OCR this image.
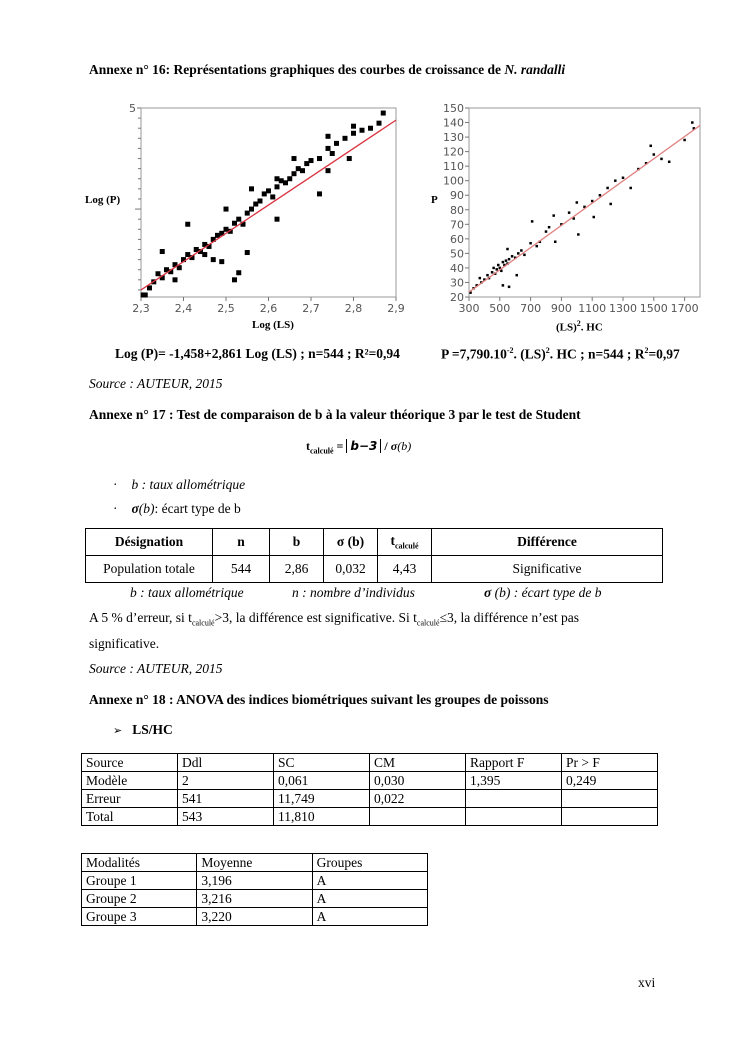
Annexe n° 16: Représentations graphiques des courbes de croissance de N. randalli
2,3 2,4 2,5 2,6 2,7 2,8 2,9
5
Log (P)
Log (LS)
Log (P)= -1,458+2,861 Log (LS) ; n=544 ; R²=0,94
300 500 700 900 1100 1300 1500 1700
20
30
40
50
60
70
80
90
100
110
120
130
140
150
P
(LS)$^2$. HC
$P =7,790.10^{-2}$. (LS)$^2$. HC ; n=544 ; $R^2=0,97$
Source : AUTEUR, 2015
Annexe n° 17 : Test de comparaison de b à la valeur théorique 3 par le test de Student
$t_{calculé} = b-3 / \sigma(b)$
· b : taux allométrique
· σ(b): écart type de b
Désignation	n	b	σ (b)	$t_{calculé}$	Différence
Population totale	544	2,86	0,032	4,43	Significative
b : taux allométrique	n : nombre d’individus	σ (b) : écart type de b
A 5 % d’erreur, si $t_{calculé}>3$, la différence est significative. Si $t_{calculé}\le 3$, la différence n’est pas
significative.
Source : AUTEUR, 2015
Annexe n° 18 : ANOVA des indices biométriques suivant les groupes de poissons
➢ LS/HC
Source	Ddl	SC	CM	Rapport F	Pr > F
Modèle	2	0,061	0,030	1,395	0,249
Erreur	541	11,749	0,022		
Total	543	11,810			
Modalités	Moyenne	Groupes
Groupe 1	3,196	A
Groupe 2	3,216	A
Groupe 3	3,220	A
xvi
